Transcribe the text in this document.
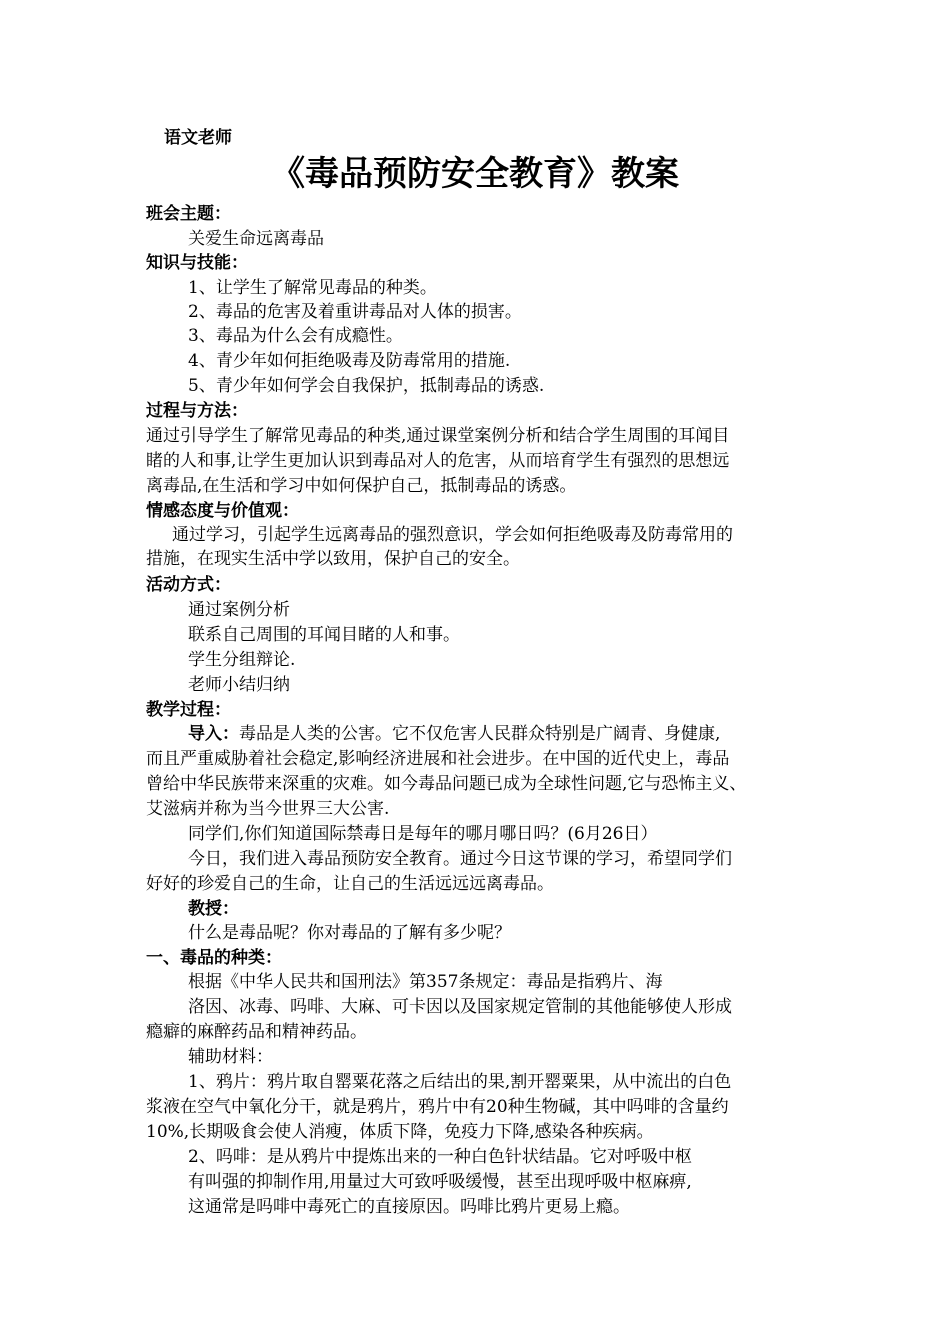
语文老师
《毒品预防安全教育》教案
班会主题：
关爱生命远离毒品
知识与技能：
1、让学生了解常见毒品的种类。
2、毒品的危害及着重讲毒品对人体的损害。
3、毒品为什么会有成瘾性。
4、青少年如何拒绝吸毒及防毒常用的措施.
5、青少年如何学会自我保护，抵制毒品的诱惑.
过程与方法：
通过引导学生了解常见毒品的种类,通过课堂案例分析和结合学生周围的耳闻目
睹的人和事,让学生更加认识到毒品对人的危害，从而培育学生有强烈的思想远
离毒品,在生活和学习中如何保护自己，抵制毒品的诱惑。
情感态度与价值观：
通过学习，引起学生远离毒品的强烈意识，学会如何拒绝吸毒及防毒常用的
措施，在现实生活中学以致用，保护自己的安全。
活动方式：
通过案例分析
联系自己周围的耳闻目睹的人和事。
学生分组辩论.
老师小结归纳
教学过程：
导入：毒品是人类的公害。它不仅危害人民群众特别是广阔青、身健康,
而且严重威胁着社会稳定,影响经济进展和社会进步。在中国的近代史上，毒品
曾给中华民族带来深重的灾难。如今毒品问题已成为全球性问题,它与恐怖主义、
艾滋病并称为当今世界三大公害.
同学们,你们知道国际禁毒日是每年的哪月哪日吗？(6月26日）
今日，我们进入毒品预防安全教育。通过今日这节课的学习，希望同学们
好好的珍爱自己的生命，让自己的生活远远远离毒品。
教授：
什么是毒品呢？你对毒品的了解有多少呢？
一、毒品的种类：
根据《中华人民共和国刑法》第357条规定：毒品是指鸦片、海
洛因、冰毒、吗啡、大麻、可卡因以及国家规定管制的其他能够使人形成
瘾癖的麻醉药品和精神药品。
辅助材料：
1、鸦片：鸦片取自罂粟花落之后结出的果,割开罂粟果，从中流出的白色
浆液在空气中氧化分干，就是鸦片，鸦片中有20种生物碱，其中吗啡的含量约
10%,长期吸食会使人消瘦，体质下降，免疫力下降,感染各种疾病。
2、吗啡：是从鸦片中提炼出来的一种白色针状结晶。它对呼吸中枢
有叫强的抑制作用,用量过大可致呼吸缓慢，甚至出现呼吸中枢麻痹,
这通常是吗啡中毒死亡的直接原因。吗啡比鸦片更易上瘾。
